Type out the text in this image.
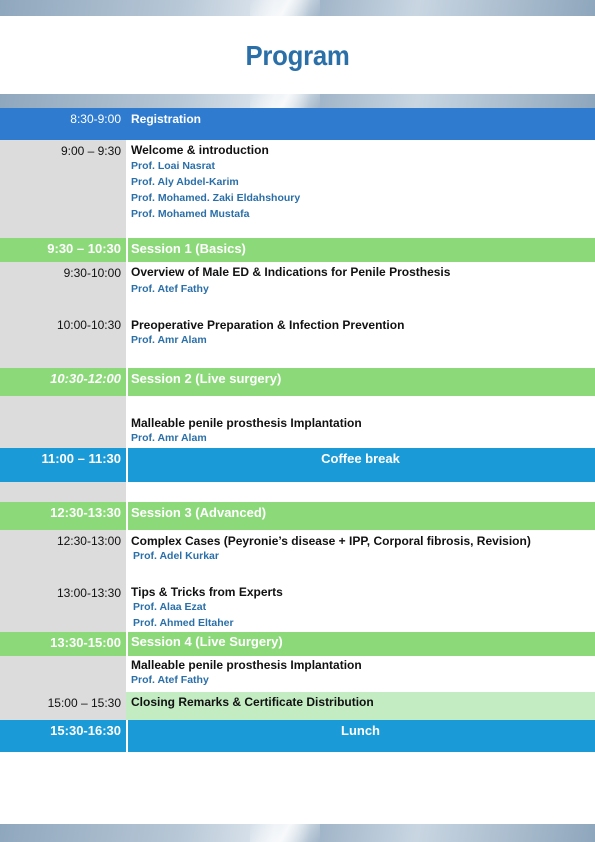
Program
8:30-9:00 Registration
9:00 – 9:30 Welcome & introduction
Prof. Loai Nasrat
Prof. Aly Abdel-Karim
Prof. Mohamed. Zaki Eldahshoury
Prof. Mohamed Mustafa
9:30 – 10:30 Session 1 (Basics)
9:30-10:00 Overview of Male ED & Indications for Penile Prosthesis
Prof. Atef Fathy
10:00-10:30 Preoperative Preparation & Infection Prevention
Prof. Amr Alam
10:30-12:00 Session 2 (Live surgery)
Malleable penile prosthesis Implantation
Prof. Amr Alam
11:00 – 11:30	Coffee break
12:30-13:30 Session 3 (Advanced)
12:30-13:00 Complex Cases (Peyronie’s disease + IPP, Corporal fibrosis, Revision)
Prof. Adel Kurkar
13:00-13:30 Tips & Tricks from Experts
Prof. Alaa Ezat
Prof. Ahmed Eltaher
13:30-15:00 Session 4 (Live Surgery)
Malleable penile prosthesis Implantation
Prof. Atef Fathy
15:00 – 15:30 Closing Remarks & Certificate Distribution
15:30-16:30	Lunch
